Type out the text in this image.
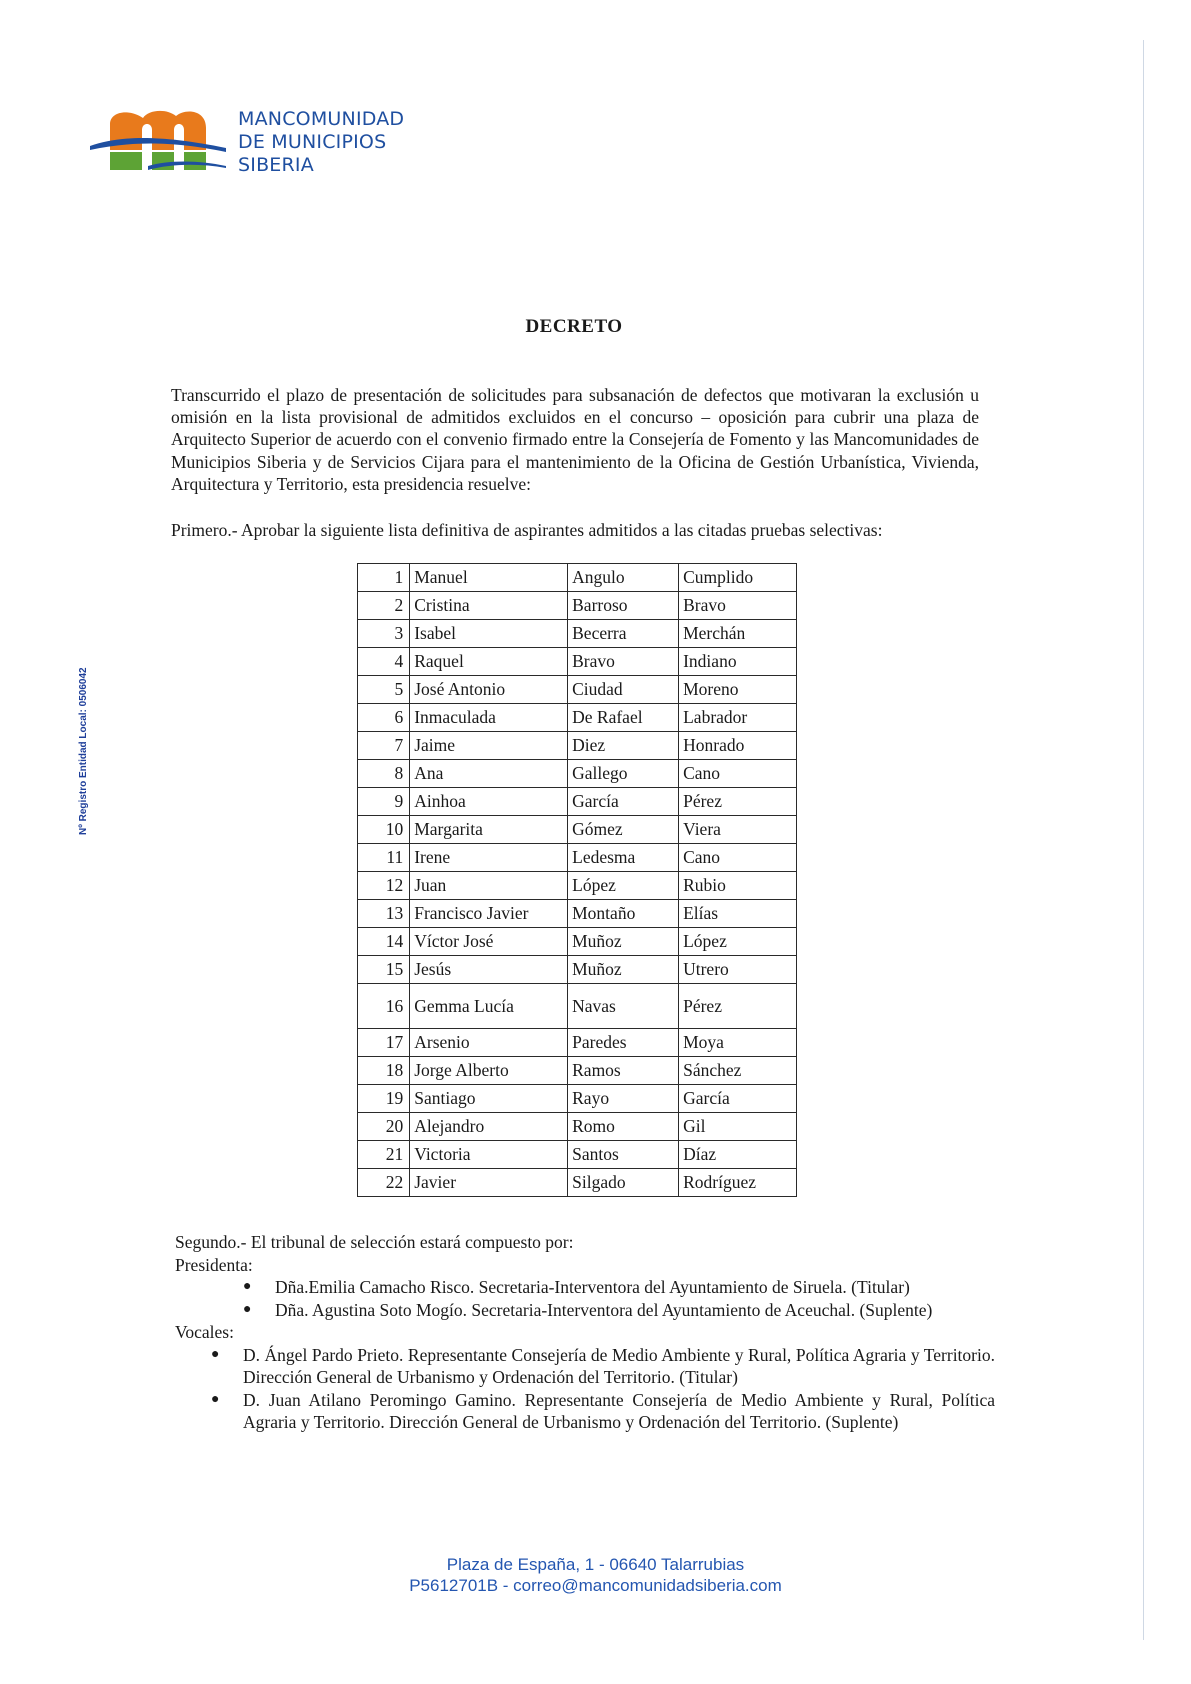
MANCOMUNIDAD
DE MUNICIPIOS
SIBERIA
Nº Registro Entidad Local: 0506042
DECRETO
Transcurrido el plazo de presentación de solicitudes para subsanación de defectos que motivaran la exclusión u omisión en la lista provisional de admitidos excluidos en el concurso – oposición para cubrir una plaza de Arquitecto Superior de acuerdo con el convenio firmado entre la Consejería de Fomento y las Mancomunidades de Municipios Siberia y de Servicios Cijara para el mantenimiento de la Oficina de Gestión Urbanística, Vivienda, Arquitectura y Territorio, esta presidencia resuelve:
Primero.- Aprobar la siguiente lista definitiva de aspirantes admitidos a las citadas pruebas selectivas:
1	Manuel	Angulo	Cumplido
2	Cristina	Barroso	Bravo
3	Isabel	Becerra	Merchán
4	Raquel	Bravo	Indiano
5	José Antonio	Ciudad	Moreno
6	Inmaculada	De Rafael	Labrador
7	Jaime	Diez	Honrado
8	Ana	Gallego	Cano
9	Ainhoa	García	Pérez
10	Margarita	Gómez	Viera
11	Irene	Ledesma	Cano
12	Juan	López	Rubio
13	Francisco Javier	Montaño	Elías
14	Víctor José	Muñoz	López
15	Jesús	Muñoz	Utrero
16	Gemma Lucía	Navas	Pérez
17	Arsenio	Paredes	Moya
18	Jorge Alberto	Ramos	Sánchez
19	Santiago	Rayo	García
20	Alejandro	Romo	Gil
21	Victoria	Santos	Díaz
22	Javier	Silgado	Rodríguez

Segundo.- El tribunal de selección estará compuesto por:

Presidenta:

● Dña.Emilia Camacho Risco. Secretaria-Interventora del Ayuntamiento de Siruela. (Titular)
● Dña. Agustina Soto Mogío. Secretaria-Interventora del Ayuntamiento de Aceuchal. (Suplente)

Vocales:

● D. Ángel Pardo Prieto. Representante Consejería de Medio Ambiente y Rural, Política Agraria y Territorio. Dirección General de Urbanismo y Ordenación del Territorio. (Titular)
● D. Juan Atilano Peromingo Gamino. Representante Consejería de Medio Ambiente y Rural, Política Agraria y Territorio. Dirección General de Urbanismo y Ordenación del Territorio. (Suplente)
Plaza de España, 1 - 06640 Talarrubias
P5612701B - correo@mancomunidadsiberia.com
